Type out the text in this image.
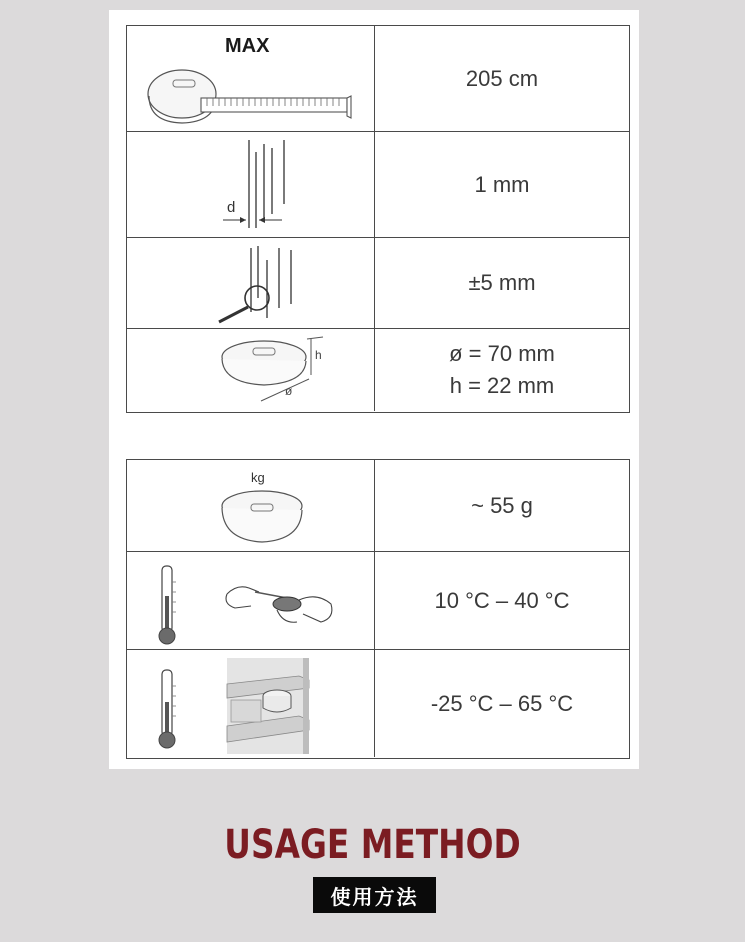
MAX
205 cm
d
1 mm
±5 mm
h
ø
ø = 70 mm
h = 22 mm
kg
~ 55 g
10 °C – 40 °C
-25 °C – 65 °C
USAGE METHOD
使用方法
